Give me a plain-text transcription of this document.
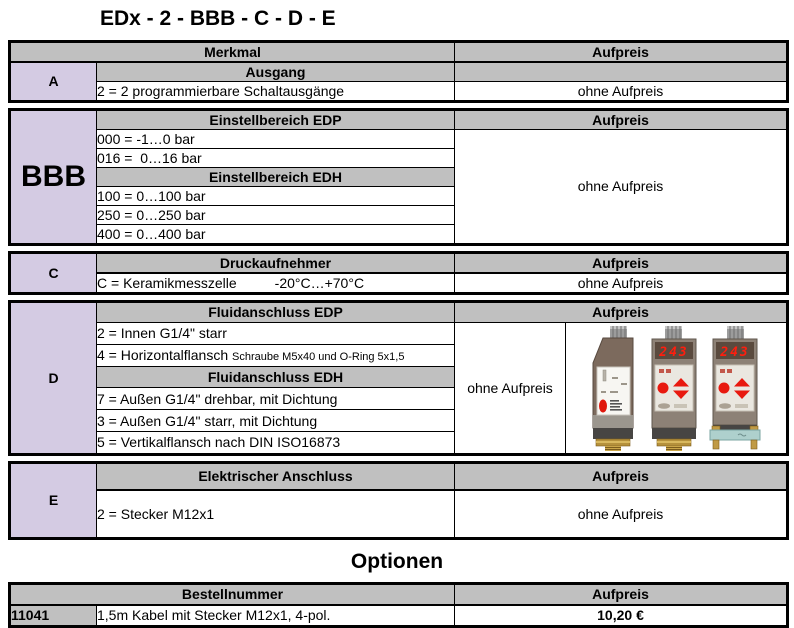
EDx - 2 - BBB - C - D - E
Merkmal		Aufpreis
A	Ausgang	
	2 = 2 programmierbare Schaltausgänge	ohne Aufpreis
BBB	Einstellbereich EDP	Aufpreis
	000 = -1…0 bar	ohne Aufpreis
	016 =  0…16 bar	
	Einstellbereich EDH	
	100 = 0…100 bar	
	250 = 0…250 bar	
	400 = 0…400 bar	
C	Druckaufnehmer	Aufpreis
	C = Keramikmesszelle -20°C…+70°C	ohne Aufpreis
D	Fluidanschluss EDP	Aufpreis	
	2 = Innen G1/4" starr	ohne Aufpreis	243 243

	4 = Horizontalflansch Schraube M5x40 und O-Ring 5x1,5		
	Fluidanschluss EDH		
	7 = Außen G1/4" drehbar, mit Dichtung		
	3 = Außen G1/4" starr, mit Dichtung		
	5 = Vertikalflansch nach DIN ISO16873		
E	Elektrischer Anschluss	Aufpreis
	2 = Stecker M12x1	ohne Aufpreis
Optionen
Bestellnummer		Aufpreis
11041	1,5m Kabel mit Stecker M12x1, 4-pol.	10,20 €
